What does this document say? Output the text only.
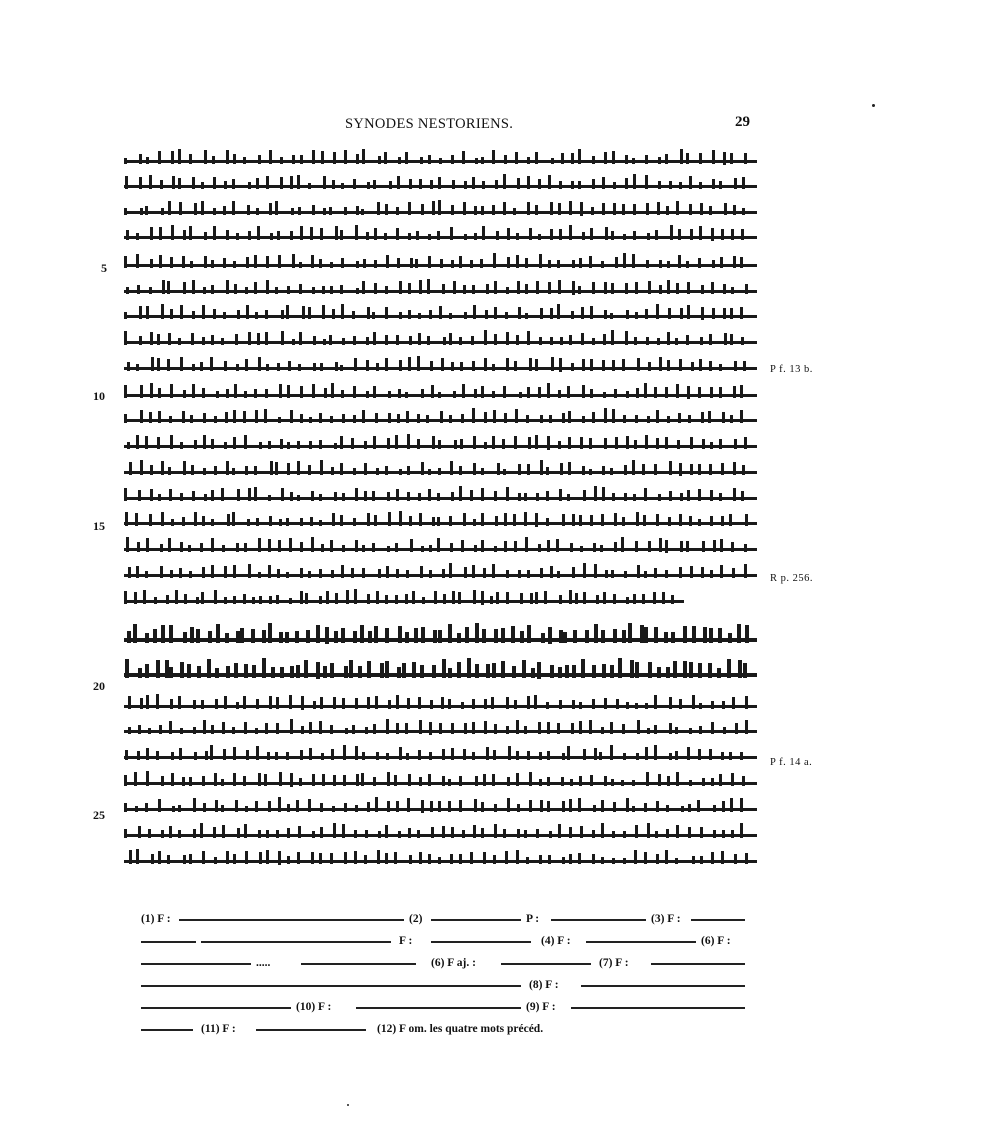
SYNODES NESTORIENS.	29
5
10
15
20
25
P f. 13 b.
R p. 256.
P f. 14 a.
(1) F :	(2)	P :	(3) F :
F :	(4) F :	(6) F :
.....	(6) F aj. :	(7) F :
(8) F :
(10) F :	(9) F :
(11) F :	(12) F om. les quatre mots précéd.
